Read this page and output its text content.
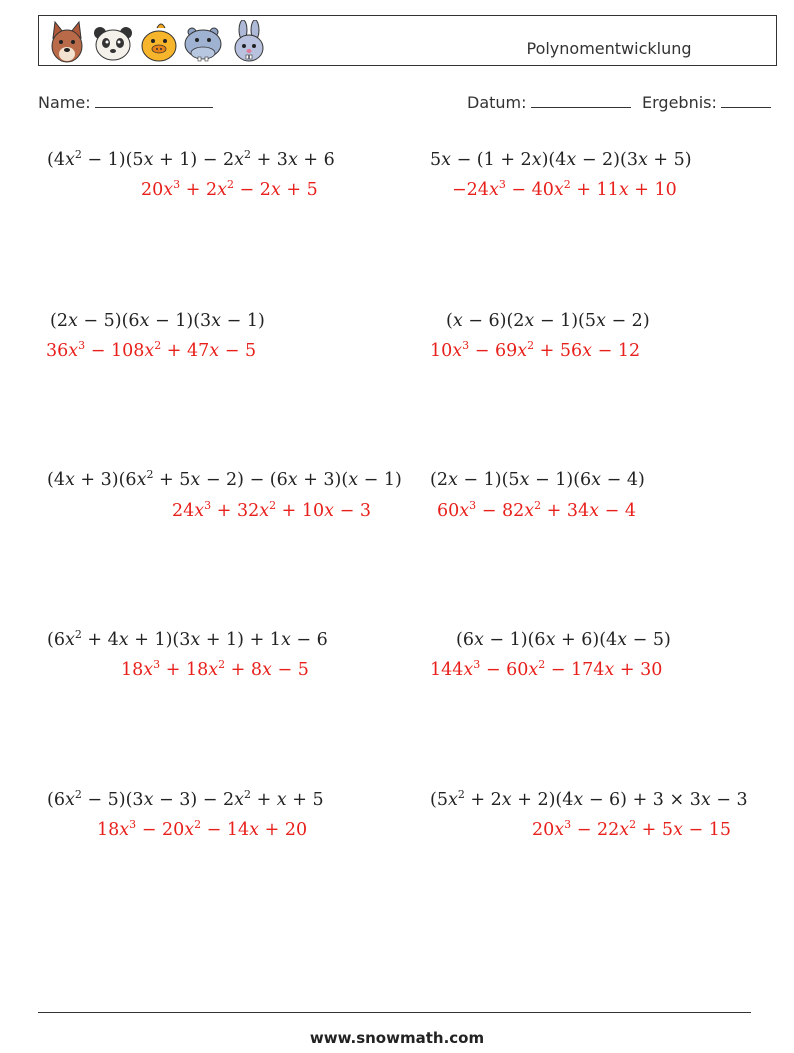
Polynomentwicklung
Name:	Datum:	Ergebnis:
$(4x^2 - 1)(5x + 1) - 2x^2 + 3x + 6$
$20x^3 + 2x^2 - 2x + 5$
5x − (1 + 2x)(4x − 2)(3x + 5)
$-24x^3 - 40x^2 + 11x + 10$
(2x − 5)(6x − 1)(3x − 1)
$36x^3 - 108x^2 + 47x - 5$
(x − 6)(2x − 1)(5x − 2)
$10x^3 - 69x^2 + 56x - 12$
$(4x + 3)(6x^2 + 5x - 2) - (6x + 3)(x - 1)$
$24x^3 + 32x^2 + 10x - 3$
(2x − 1)(5x − 1)(6x − 4)
$60x^3 - 82x^2 + 34x - 4$
$(6x^2 + 4x + 1)(3x + 1) + 1x - 6$
$18x^3 + 18x^2 + 8x - 5$
(6x − 1)(6x + 6)(4x − 5)
$144x^3 - 60x^2 - 174x + 30$
$(6x^2 - 5)(3x - 3) - 2x^2 + x + 5$
$18x^3 - 20x^2 - 14x + 20$
$(5x^2 + 2x + 2)(4x - 6) + 3 \times 3x - 3$
$20x^3 - 22x^2 + 5x - 15$
www.snowmath.com
